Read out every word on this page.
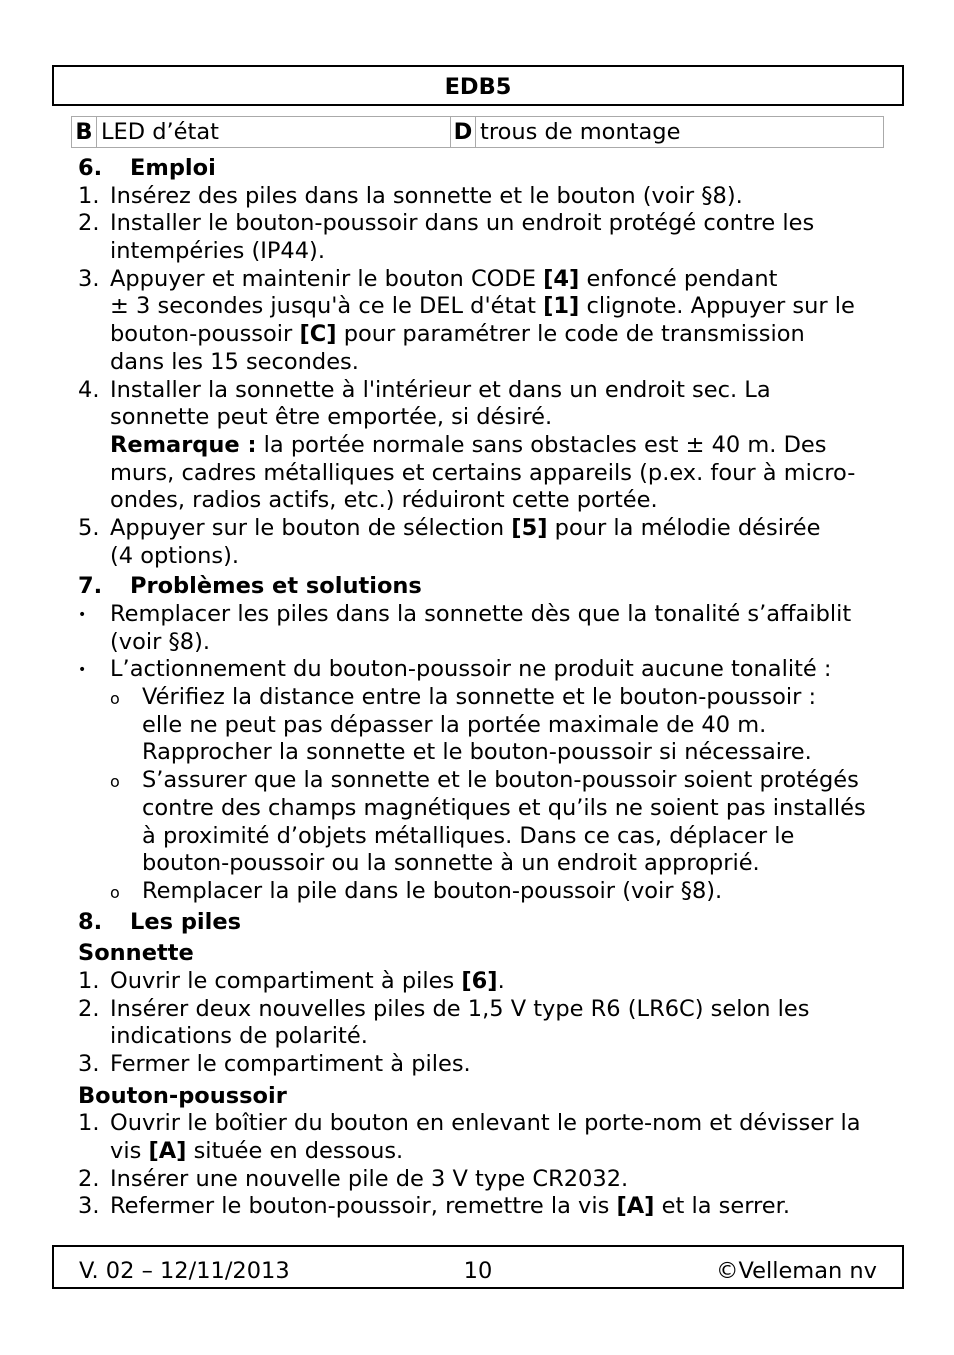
EDB5
B	LED d’état	D	trous de montage
6. Emploi
1. Insérez des piles dans la sonnette et le bouton (voir §8).
2. Installer le bouton-poussoir dans un endroit protégé contre les
intempéries (IP44).
3. Appuyer et maintenir le bouton CODE [4] enfoncé pendant
± 3 secondes jusqu'à ce le DEL d'état [1] clignote. Appuyer sur le
bouton-poussoir [C] pour paramétrer le code de transmission
dans les 15 secondes.
4. Installer la sonnette à l'intérieur et dans un endroit sec. La
sonnette peut être emportée, si désiré.
Remarque : la portée normale sans obstacles est ± 40 m. Des
murs, cadres métalliques et certains appareils (p.ex. four à micro-
ondes, radios actifs, etc.) réduiront cette portée.
5. Appuyer sur le bouton de sélection [5] pour la mélodie désirée
(4 options).
7. Problèmes et solutions
• Remplacer les piles dans la sonnette dès que la tonalité s’affaiblit
(voir §8).
• L’actionnement du bouton-poussoir ne produit aucune tonalité :
o Vérifiez la distance entre la sonnette et le bouton-poussoir :
elle ne peut pas dépasser la portée maximale de 40 m.
Rapprocher la sonnette et le bouton-poussoir si nécessaire.
o S’assurer que la sonnette et le bouton-poussoir soient protégés
contre des champs magnétiques et qu’ils ne soient pas installés
à proximité d’objets métalliques. Dans ce cas, déplacer le
bouton-poussoir ou la sonnette à un endroit approprié.
o Remplacer la pile dans le bouton-poussoir (voir §8).
8. Les piles
Sonnette
1. Ouvrir le compartiment à piles [6].
2. Insérer deux nouvelles piles de 1,5 V type R6 (LR6C) selon les
indications de polarité.
3. Fermer le compartiment à piles.
Bouton-poussoir
1. Ouvrir le boîtier du bouton en enlevant le porte-nom et dévisser la
vis [A] située en dessous.
2. Insérer une nouvelle pile de 3 V type CR2032.
3. Refermer le bouton-poussoir, remettre la vis [A] et la serrer.
V. 02 – 12/11/2013	10	©Velleman nv
